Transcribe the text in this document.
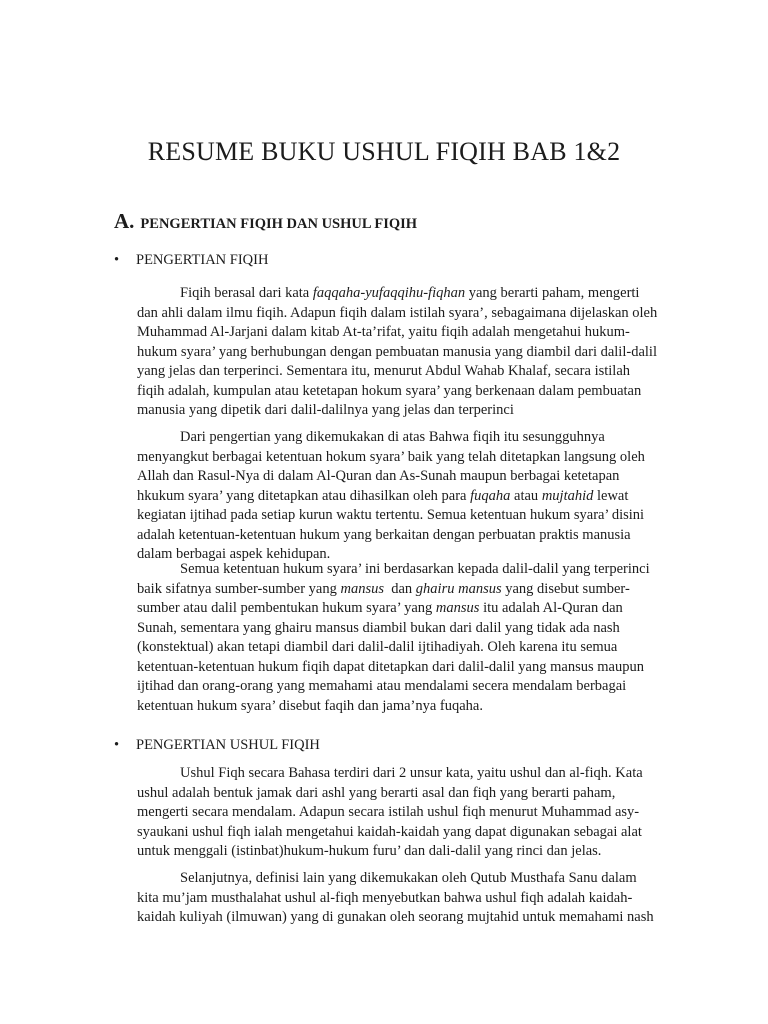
RESUME BUKU USHUL FIQIH BAB 1&2
A. PENGERTIAN FIQIH DAN USHUL FIQIH
• PENGERTIAN FIQIH
Fiqih berasal dari kata faqqaha-yufaqqihu-fiqhan yang berarti paham, mengerti
dan ahli dalam ilmu fiqih. Adapun fiqih dalam istilah syara’, sebagaimana dijelaskan oleh
Muhammad Al-Jarjani dalam kitab At-ta’rifat, yaitu fiqih adalah mengetahui hukum-
hukum syara’ yang berhubungan dengan pembuatan manusia yang diambil dari dalil-dalil
yang jelas dan terperinci. Sementara itu, menurut Abdul Wahab Khalaf, secara istilah
fiqih adalah, kumpulan atau ketetapan hokum syara’ yang berkenaan dalam pembuatan
manusia yang dipetik dari dalil-dalilnya yang jelas dan terperinci
Dari pengertian yang dikemukakan di atas Bahwa fiqih itu sesungguhnya
menyangkut berbagai ketentuan hokum syara’ baik yang telah ditetapkan langsung oleh
Allah dan Rasul-Nya di dalam Al-Quran dan As-Sunah maupun berbagai ketetapan
hkukum syara’ yang ditetapkan atau dihasilkan oleh para fuqaha atau mujtahid lewat
kegiatan ijtihad pada setiap kurun waktu tertentu. Semua ketentuan hukum syara’ disini
adalah ketentuan-ketentuan hukum yang berkaitan dengan perbuatan praktis manusia
dalam berbagai aspek kehidupan.
Semua ketentuan hukum syara’ ini berdasarkan kepada dalil-dalil yang terperinci
baik sifatnya sumber-sumber yang mansus  dan ghairu mansus yang disebut sumber-
sumber atau dalil pembentukan hukum syara’ yang mansus itu adalah Al-Quran dan
Sunah, sementara yang ghairu mansus diambil bukan dari dalil yang tidak ada nash
(konstektual) akan tetapi diambil dari dalil-dalil ijtihadiyah. Oleh karena itu semua
ketentuan-ketentuan hukum fiqih dapat ditetapkan dari dalil-dalil yang mansus maupun
ijtihad dan orang-orang yang memahami atau mendalami secera mendalam berbagai
ketentuan hukum syara’ disebut faqih dan jama’nya fuqaha.
• PENGERTIAN USHUL FIQIH
Ushul Fiqh secara Bahasa terdiri dari 2 unsur kata, yaitu ushul dan al-fiqh. Kata
ushul adalah bentuk jamak dari ashl yang berarti asal dan fiqh yang berarti paham,
mengerti secara mendalam. Adapun secara istilah ushul fiqh menurut Muhammad asy-
syaukani ushul fiqh ialah mengetahui kaidah-kaidah yang dapat digunakan sebagai alat
untuk menggali (istinbat)hukum-hukum furu’ dan dali-dalil yang rinci dan jelas.
Selanjutnya, definisi lain yang dikemukakan oleh Qutub Musthafa Sanu dalam
kita mu’jam musthalahat ushul al-fiqh menyebutkan bahwa ushul fiqh adalah kaidah-
kaidah kuliyah (ilmuwan) yang di gunakan oleh seorang mujtahid untuk memahami nash
